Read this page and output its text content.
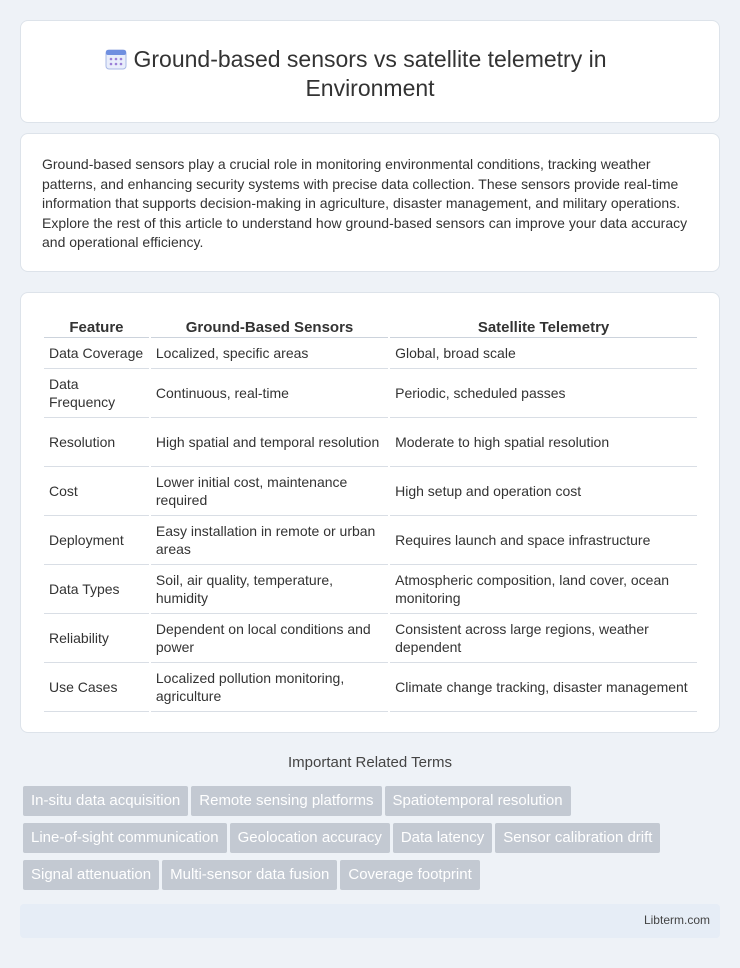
Ground-based sensors vs satellite telemetry in Environment

Ground-based sensors play a crucial role in monitoring environmental conditions, tracking weather patterns, and enhancing security systems with precise data collection. These sensors provide real-time information that supports decision-making in agriculture, disaster management, and military operations. Explore the rest of this article to understand how ground-based sensors can improve your data accuracy and operational efficiency.

Feature	Ground-Based Sensors	Satellite Telemetry
Data Coverage	Localized, specific areas	Global, broad scale
Data Frequency	Continuous, real-time	Periodic, scheduled passes
Resolution	High spatial and temporal resolution	Moderate to high spatial resolution
Cost	Lower initial cost, maintenance required	High setup and operation cost
Deployment	Easy installation in remote or urban areas	Requires launch and space infrastructure
Data Types	Soil, air quality, temperature, humidity	Atmospheric composition, land cover, ocean monitoring
Reliability	Dependent on local conditions and power	Consistent across large regions, weather dependent
Use Cases	Localized pollution monitoring, agriculture	Climate change tracking, disaster management
Important Related Terms
In-situ data acquisition Remote sensing platforms Spatiotemporal resolution
Line-of-sight communication Geolocation accuracy Data latency Sensor calibration drift
Signal attenuation Multi-sensor data fusion Coverage footprint
Libterm.com
